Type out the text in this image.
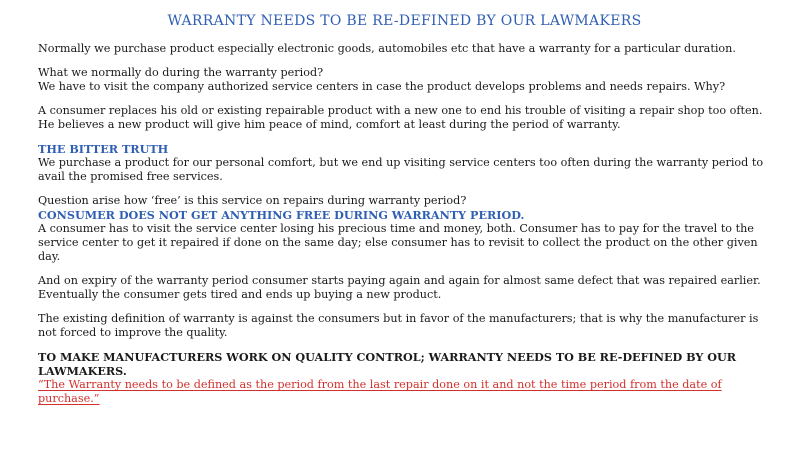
WARRANTY NEEDS TO BE RE-DEFINED BY OUR LAWMAKERS

Normally we purchase product especially electronic goods, automobiles etc that have a warranty for a particular duration.

What we normally do during the warranty period?

We have to visit the company authorized service centers in case the product develops problems and needs repairs. Why?

A consumer replaces his old or existing repairable product with a new one to end his trouble of visiting a repair shop too often. He believes a new product will give him peace of mind, comfort at least during the period of warranty.

THE BITTER TRUTH

We purchase a product for our personal comfort, but we end up visiting service centers too often during the warranty period to avail the promised free services.

Question arise how ‘free’ is this service on repairs during warranty period?

CONSUMER DOES NOT GET ANYTHING FREE DURING WARRANTY PERIOD.

A consumer has to visit the service center losing his precious time and money, both. Consumer has to pay for the travel to the service center to get it repaired if done on the same day; else consumer has to revisit to collect the product on the other given day.

And on expiry of the warranty period consumer starts paying again and again for almost same defect that was repaired earlier. Eventually the consumer gets tired and ends up buying a new product.

The existing definition of warranty is against the consumers but in favor of the manufacturers; that is why the manufacturer is not forced to improve the quality.

TO MAKE MANUFACTURERS WORK ON QUALITY CONTROL; WARRANTY NEEDS TO BE RE-DEFINED BY OUR LAWMAKERS.

“The Warranty needs to be defined as the period from the last repair done on it and not the time period from the date of purchase.”
